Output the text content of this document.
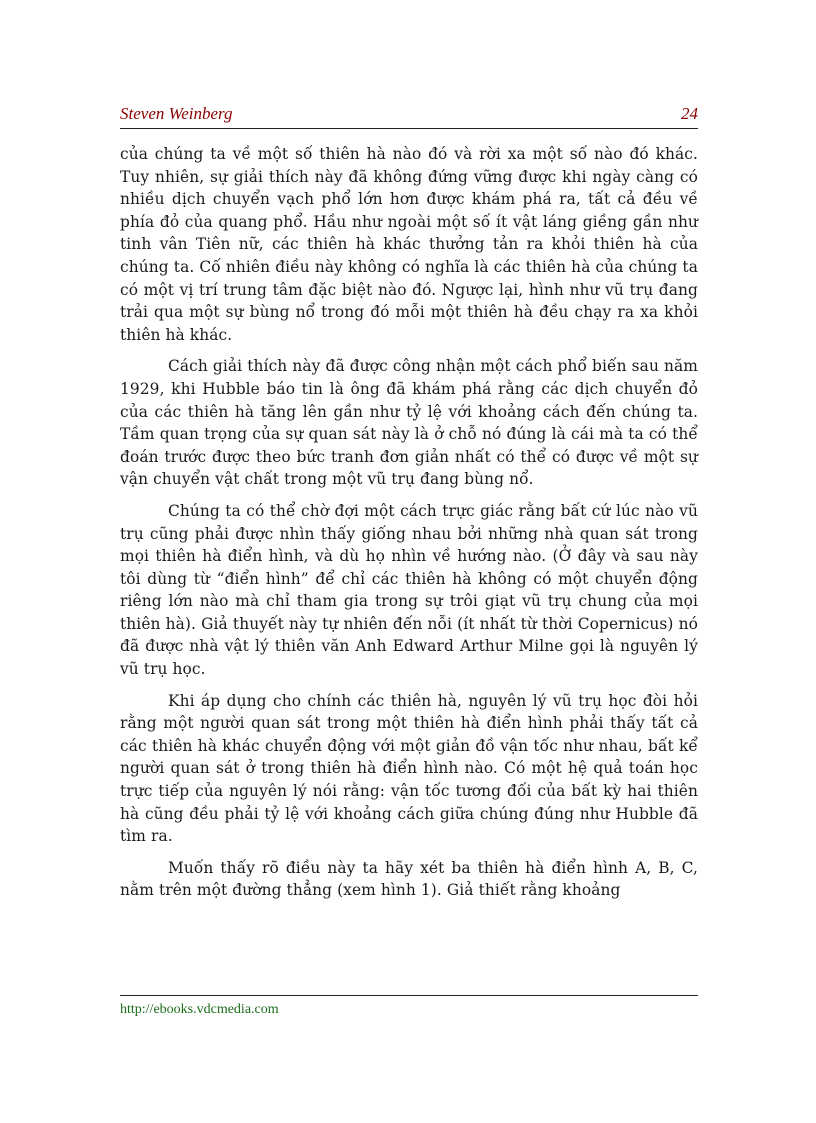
Steven Weinberg	24

của chúng ta về một số thiên hà nào đó và rời xa một số nào đó khác. Tuy nhiên, sự giải thích này đã không đứng vững được khi ngày càng có nhiều dịch chuyển vạch phổ lớn hơn được khám phá ra, tất cả đều về phía đỏ của quang phổ. Hầu như ngoài một số ít vật láng giềng gần như tinh vân Tiên nữ, các thiên hà khác thưởng tản ra khỏi thiên hà của chúng ta. Cố nhiên điều này không có nghĩa là các thiên hà của chúng ta có một vị trí trung tâm đặc biệt nào đó. Ngược lại, hình như vũ trụ đang trải qua một sự bùng nổ trong đó mỗi một thiên hà đều chạy ra xa khỏi thiên hà khác.

Cách giải thích này đã được công nhận một cách phổ biến sau năm 1929, khi Hubble báo tin là ông đã khám phá rằng các dịch chuyển đỏ của các thiên hà tăng lên gần như tỷ lệ với khoảng cách đến chúng ta. Tầm quan trọng của sự quan sát này là ở chỗ nó đúng là cái mà ta có thể đoán trước được theo bức tranh đơn giản nhất có thể có được về một sự vận chuyển vật chất trong một vũ trụ đang bùng nổ.

Chúng ta có thể chờ đợi một cách trực giác rằng bất cứ lúc nào vũ trụ cũng phải được nhìn thấy giống nhau bởi những nhà quan sát trong mọi thiên hà điển hình, và dù họ nhìn về hướng nào. (Ở đây và sau này tôi dùng từ “điển hình” để chỉ các thiên hà không có một chuyển động riêng lớn nào mà chỉ tham gia trong sự trôi giạt vũ trụ chung của mọi thiên hà). Giả thuyết này tự nhiên đến nỗi (ít nhất từ thời Copernicus) nó đã được nhà vật lý thiên văn Anh Edward Arthur Milne gọi là nguyên lý vũ trụ học.

Khi áp dụng cho chính các thiên hà, nguyên lý vũ trụ học đòi hỏi rằng một người quan sát trong một thiên hà điển hình phải thấy tất cả các thiên hà khác chuyển động với một giản đồ vận tốc như nhau, bất kể người quan sát ở trong thiên hà điển hình nào. Có một hệ quả toán học trực tiếp của nguyên lý nói rằng: vận tốc tương đối của bất kỳ hai thiên hà cũng đều phải tỷ lệ với khoảng cách giữa chúng đúng như Hubble đã tìm ra.

Muốn thấy rõ điều này ta hãy xét ba thiên hà điển hình A, B, C, nằm trên một đường thẳng (xem hình 1). Giả thiết rằng khoảng

http://ebooks.vdcmedia.com
